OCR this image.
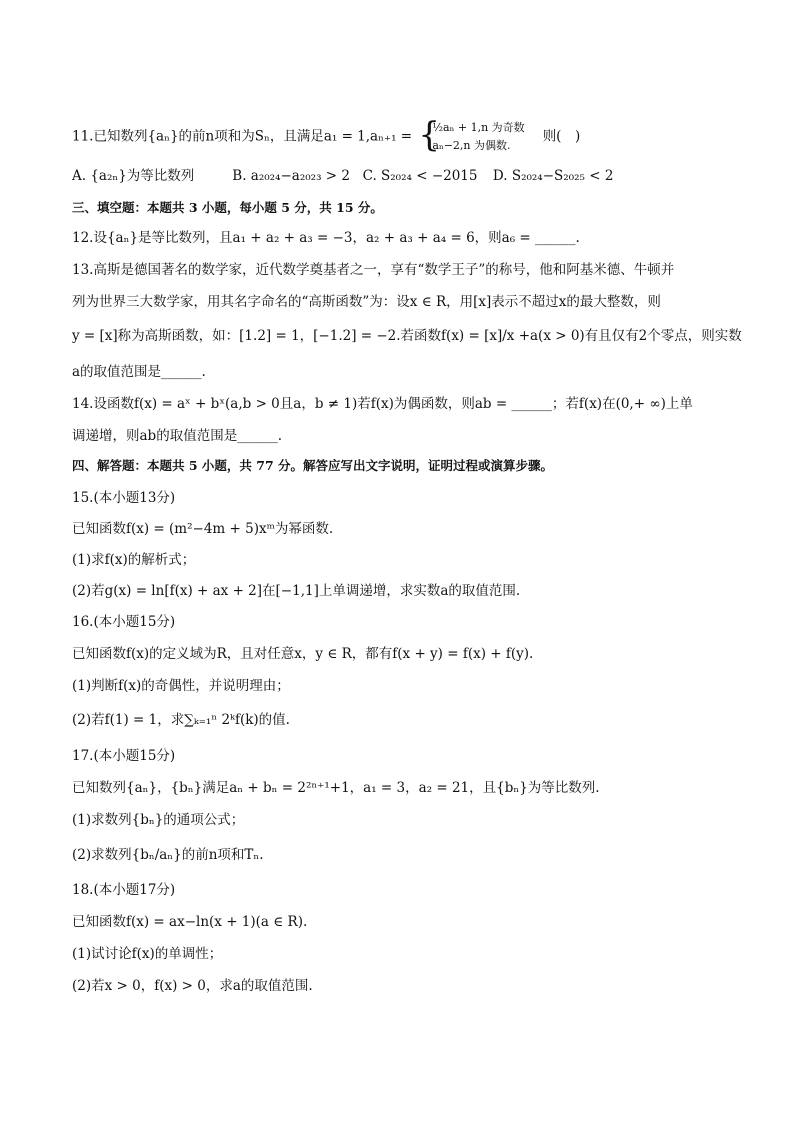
11.已知数列{aₙ}的前n项和为Sₙ，且满足a₁ = 1,aₙ₊₁ = {
½aₙ + 1,n 为奇数
aₙ−2,n 为偶数.
则(　)
A. {a₂ₙ}为等比数列	B. a₂₀₂₄−a₂₀₂₃ > 2 C. S₂₀₂₄ < −2015 D. S₂₀₂₄−S₂₀₂₅ < 2
三、填空题：本题共 3 小题，每小题 5 分，共 15 分。
12.设{aₙ}是等比数列，且a₁ + a₂ + a₃ = −3，a₂ + a₃ + a₄ = 6，则a₆ = ______.
13.高斯是德国著名的数学家，近代数学奠基者之一，享有“数学王子”的称号，他和阿基米德、牛顿并
列为世界三大数学家，用其名字命名的“高斯函数”为：设x ∈ R，用[x]表示不超过x的最大整数，则
y = [x]称为高斯函数，如：[1.2] = 1，[−1.2] = −2.若函数f(x) = [x]/x +a(x > 0)有且仅有2个零点，则实数
a的取值范围是______.
14.设函数f(x) = aˣ + bˣ(a,b > 0且a，b ≠ 1)若f(x)为偶函数，则ab = ______；若f(x)在(0,+ ∞)上单
调递增，则ab的取值范围是______.
四、解答题：本题共 5 小题，共 77 分。解答应写出文字说明，证明过程或演算步骤。
15.(本小题13分)
已知函数f(x) = (m²−4m + 5)xᵐ为幂函数.
(1)求f(x)的解析式；
(2)若g(x) = ln[f(x) + ax + 2]在[−1,1]上单调递增，求实数a的取值范围.
16.(本小题15分)
已知函数f(x)的定义域为R，且对任意x，y ∈ R，都有f(x + y) = f(x) + f(y).
(1)判断f(x)的奇偶性，并说明理由；
(2)若f(1) = 1，求∑ₖ₌₁ⁿ 2ᵏf(k)的值.
17.(本小题15分)
已知数列{aₙ}，{bₙ}满足aₙ + bₙ = 2²ⁿ⁺¹+1，a₁ = 3，a₂ = 21，且{bₙ}为等比数列.
(1)求数列{bₙ}的通项公式；
(2)求数列{bₙ/aₙ}的前n项和Tₙ.
18.(本小题17分)
已知函数f(x) = ax−ln(x + 1)(a ∈ R).
(1)试讨论f(x)的单调性；
(2)若x > 0，f(x) > 0，求a的取值范围.
